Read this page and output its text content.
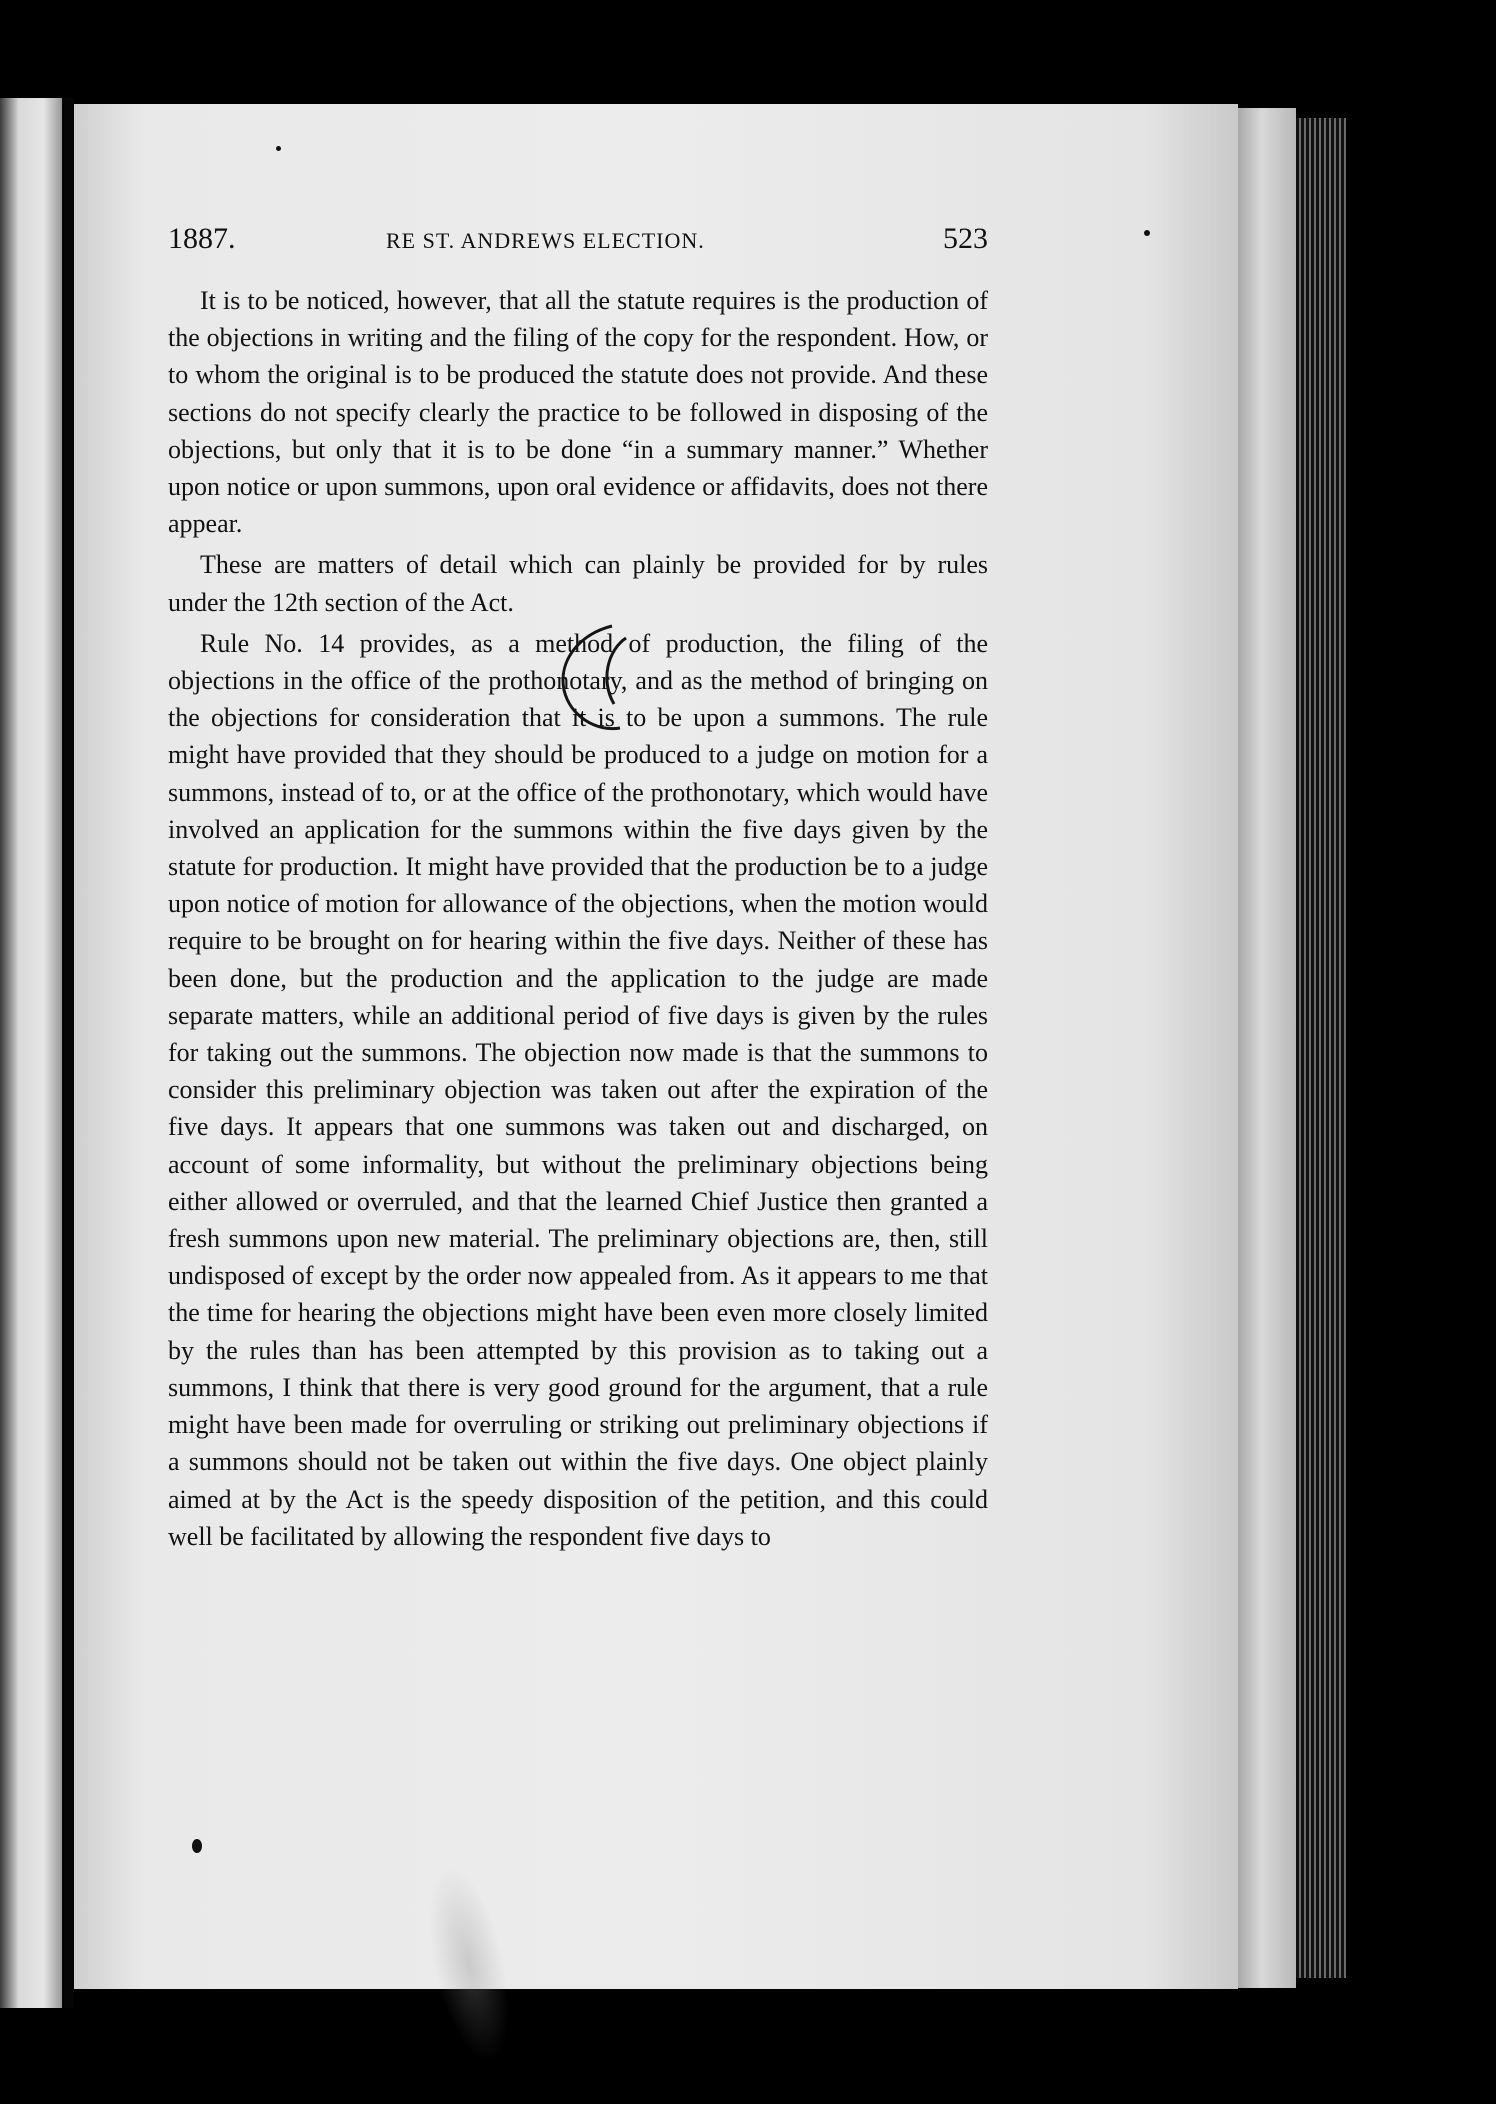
1887.	RE ST. ANDREWS ELECTION.	523

It is to be noticed, however, that all the statute requires is the production of the objections in writing and the filing of the copy for the respondent. How, or to whom the original is to be produced the statute does not provide. And these sections do not specify clearly the practice to be followed in disposing of the objections, but only that it is to be done “in a summary manner.” Whether upon notice or upon summons, upon oral evidence or affidavits, does not there appear.

These are matters of detail which can plainly be provided for by rules under the 12th section of the Act.

Rule No. 14 provides, as a method of production, the filing of the objections in the office of the prothonotary, and as the method of bringing on the objections for consideration that it is to be upon a summons. The rule might have provided that they should be produced to a judge on motion for a summons, instead of to, or at the office of the prothonotary, which would have involved an application for the summons within the five days given by the statute for production. It might have provided that the production be to a judge upon notice of motion for allowance of the objections, when the motion would require to be brought on for hearing within the five days. Neither of these has been done, but the production and the application to the judge are made separate matters, while an additional period of five days is given by the rules for taking out the summons. The objection now made is that the summons to consider this preliminary objection was taken out after the expiration of the five days. It appears that one summons was taken out and discharged, on account of some informality, but without the preliminary objections being either allowed or overruled, and that the learned Chief Justice then granted a fresh summons upon new material. The preliminary objections are, then, still undisposed of except by the order now appealed from. As it appears to me that the time for hearing the objections might have been even more closely limited by the rules than has been attempted by this provision as to taking out a summons, I think that there is very good ground for the argument, that a rule might have been made for overruling or striking out preliminary objections if a summons should not be taken out within the five days. One object plainly aimed at by the Act is the speedy disposition of the petition, and this could well be facilitated by allowing the respondent five days to
